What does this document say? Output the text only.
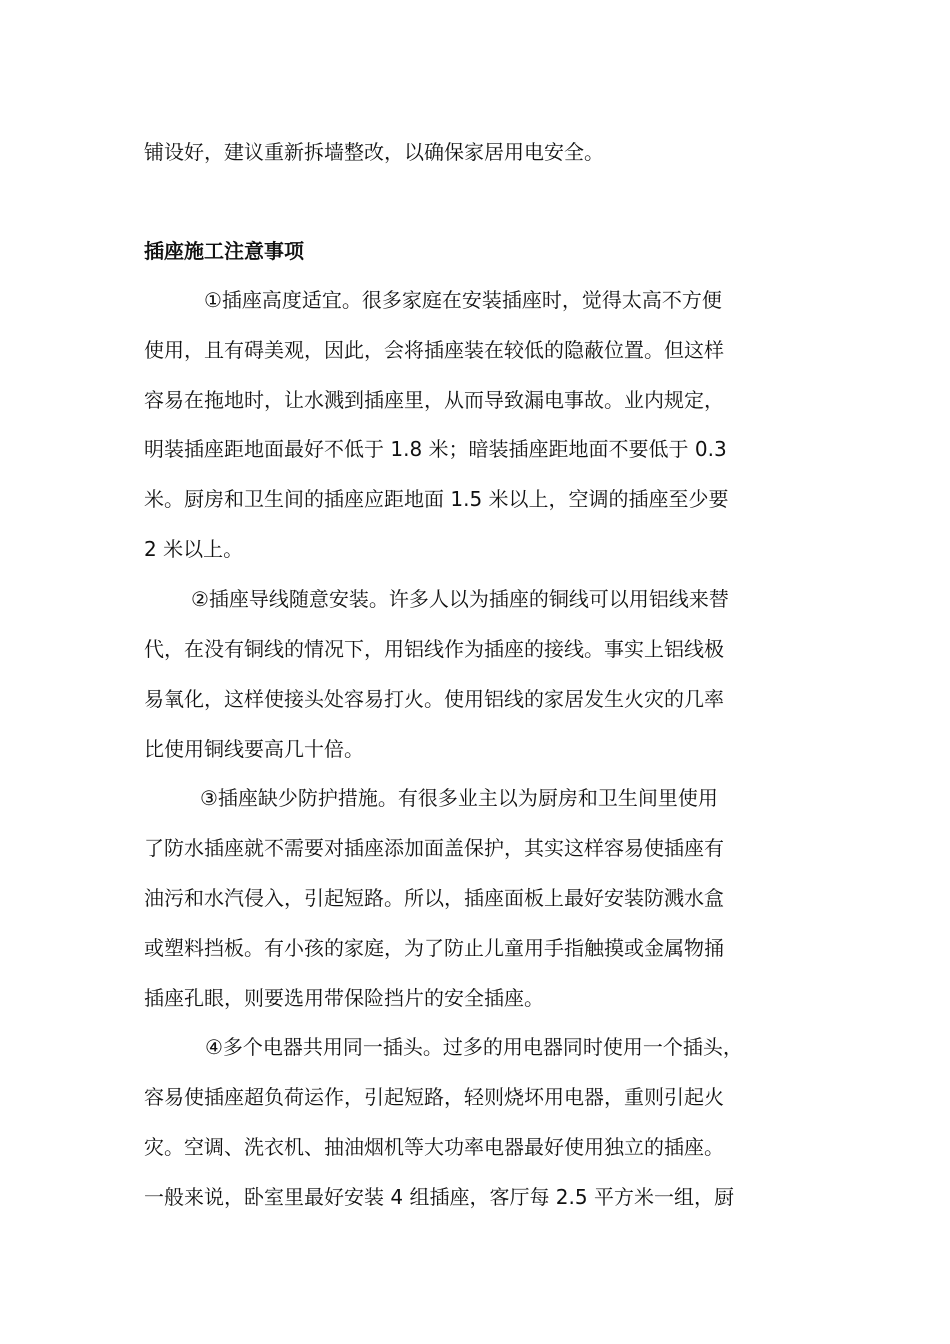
铺设好，建议重新拆墙整改，以确保家居用电安全。
插座施工注意事项
①插座高度适宜。很多家庭在安装插座时，觉得太高不方便
使用，且有碍美观，因此，会将插座装在较低的隐蔽位置。但这样
容易在拖地时，让水溅到插座里，从而导致漏电事故。业内规定，
明装插座距地面最好不低于 1.8 米；暗装插座距地面不要低于 0.3
米。厨房和卫生间的插座应距地面 1.5 米以上，空调的插座至少要
2 米以上。
②插座导线随意安装。许多人以为插座的铜线可以用铝线来替
代，在没有铜线的情况下，用铝线作为插座的接线。事实上铝线极
易氧化，这样使接头处容易打火。使用铝线的家居发生火灾的几率
比使用铜线要高几十倍。
③插座缺少防护措施。有很多业主以为厨房和卫生间里使用
了防水插座就不需要对插座添加面盖保护，其实这样容易使插座有
油污和水汽侵入，引起短路。所以，插座面板上最好安装防溅水盒
或塑料挡板。有小孩的家庭，为了防止儿童用手指触摸或金属物捅
插座孔眼，则要选用带保险挡片的安全插座。
④多个电器共用同一插头。过多的用电器同时使用一个插头，
容易使插座超负荷运作，引起短路，轻则烧坏用电器，重则引起火
灾。空调、洗衣机、抽油烟机等大功率电器最好使用独立的插座。
一般来说，卧室里最好安装 4 组插座，客厅每 2.5 平方米一组，厨
